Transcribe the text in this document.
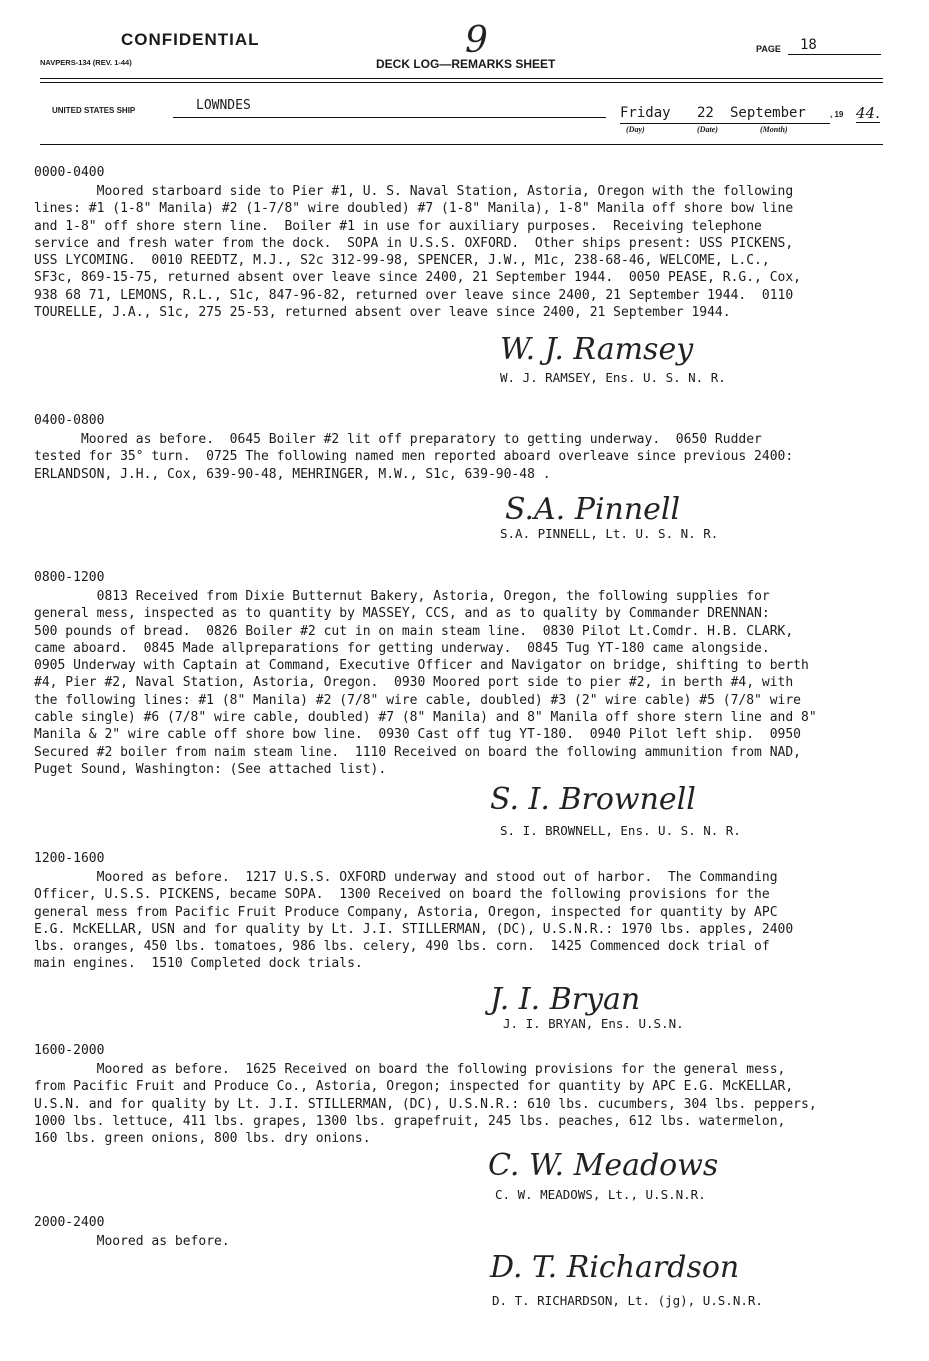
CONFIDENTIAL
NAVPERS-134 (REV. 1-44)	DECK LOG—REMARKS SHEET
9	PAGE 18
UNITED STATES SHIP	LOWNDES	Friday 22 September	, 19 44.
(Day)	(Date)	(Month)
0000-0400
Moored starboard side to Pier #1, U. S. Naval Station, Astoria, Oregon with the following
lines: #1 (1-8" Manila) #2 (1-7/8" wire doubled) #7 (1-8" Manila), 1-8" Manila off shore bow line
and 1-8" off shore stern line.  Boiler #1 in use for auxiliary purposes.  Receiving telephone
service and fresh water from the dock.  SOPA in U.S.S. OXFORD.  Other ships present: USS PICKENS,
USS LYCOMING.  0010 REEDTZ, M.J., S2c 312-99-98, SPENCER, J.W., M1c, 238-68-46, WELCOME, L.C.,
SF3c, 869-15-75, returned absent over leave since 2400, 21 September 1944.  0050 PEASE, R.G., Cox,
938 68 71, LEMONS, R.L., S1c, 847-96-82, returned over leave since 2400, 21 September 1944.  0110
TOURELLE, J.A., S1c, 275 25-53, returned absent over leave since 2400, 21 September 1944.
W. J. Ramsey
W. J. RAMSEY, Ens. U. S. N. R.
0400-0800
Moored as before.  0645 Boiler #2 lit off preparatory to getting underway.  0650 Rudder
tested for 35° turn.  0725 The following named men reported aboard overleave since previous 2400:
ERLANDSON, J.H., Cox, 639-90-48, MEHRINGER, M.W., S1c, 639-90-48 .
S.A. Pinnell
S.A. PINNELL, Lt. U. S. N. R.
0800-1200
0813 Received from Dixie Butternut Bakery, Astoria, Oregon, the following supplies for
general mess, inspected as to quantity by MASSEY, CCS, and as to quality by Commander DRENNAN:
500 pounds of bread.  0826 Boiler #2 cut in on main steam line.  0830 Pilot Lt.Comdr. H.B. CLARK,
came aboard.  0845 Made allpreparations for getting underway.  0845 Tug YT-180 came alongside.
0905 Underway with Captain at Command, Executive Officer and Navigator on bridge, shifting to berth
#4, Pier #2, Naval Station, Astoria, Oregon.  0930 Moored port side to pier #2, in berth #4, with
the following lines: #1 (8" Manila) #2 (7/8" wire cable, doubled) #3 (2" wire cable) #5 (7/8" wire
cable single) #6 (7/8" wire cable, doubled) #7 (8" Manila) and 8" Manila off shore stern line and 8"
Manila & 2" wire cable off shore bow line.  0930 Cast off tug YT-180.  0940 Pilot left ship.  0950
Secured #2 boiler from naim steam line.  1110 Received on board the following ammunition from NAD,
Puget Sound, Washington: (See attached list).
S. I. Brownell
S. I. BROWNELL, Ens. U. S. N. R.
1200-1600
Moored as before.  1217 U.S.S. OXFORD underway and stood out of harbor.  The Commanding
Officer, U.S.S. PICKENS, became SOPA.  1300 Received on board the following provisions for the
general mess from Pacific Fruit Produce Company, Astoria, Oregon, inspected for quantity by APC
E.G. McKELLAR, USN and for quality by Lt. J.I. STILLERMAN, (DC), U.S.N.R.: 1970 lbs. apples, 2400
lbs. oranges, 450 lbs. tomatoes, 986 lbs. celery, 490 lbs. corn.  1425 Commenced dock trial of
main engines.  1510 Completed dock trials.
J. I. Bryan
J. I. BRYAN, Ens. U.S.N.
1600-2000
Moored as before.  1625 Received on board the following provisions for the general mess,
from Pacific Fruit and Produce Co., Astoria, Oregon; inspected for quantity by APC E.G. McKELLAR,
U.S.N. and for quality by Lt. J.I. STILLERMAN, (DC), U.S.N.R.: 610 lbs. cucumbers, 304 lbs. peppers,
1000 lbs. lettuce, 411 lbs. grapes, 1300 lbs. grapefruit, 245 lbs. peaches, 612 lbs. watermelon,
160 lbs. green onions, 800 lbs. dry onions.
C. W. Meadows
C. W. MEADOWS, Lt., U.S.N.R.
2000-2400
Moored as before.
D. T. Richardson
D. T. RICHARDSON, Lt. (jg), U.S.N.R.
